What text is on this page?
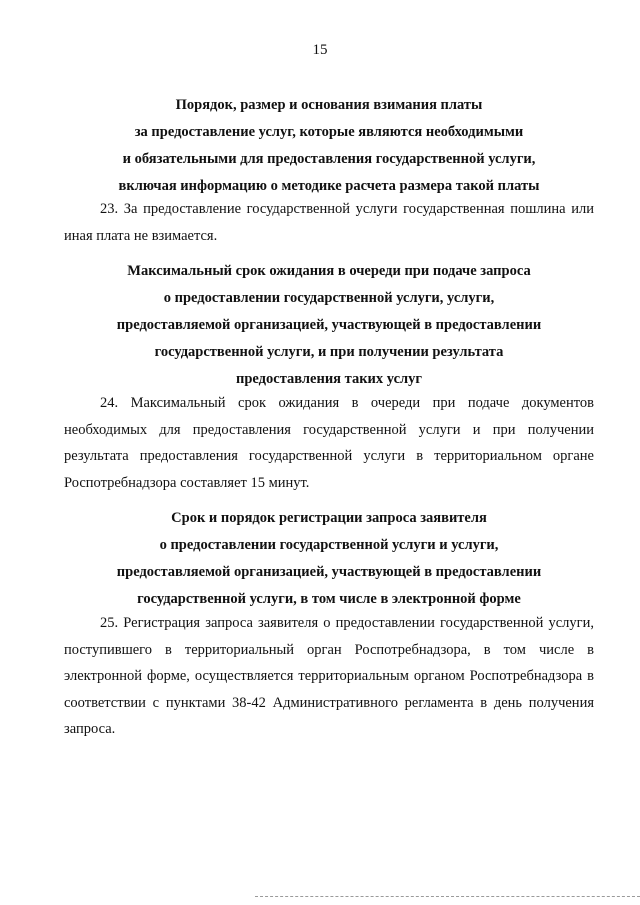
15
Порядок, размер и основания взимания платы
за предоставление услуг, которые являются необходимыми
и обязательными для предоставления государственной услуги,
включая информацию о методике расчета размера такой платы

23. За предоставление государственной услуги государственная пошлина или иная плата не взимается.

Максимальный срок ожидания в очереди при подаче запроса
о предоставлении государственной услуги, услуги,
предоставляемой организацией, участвующей в предоставлении
государственной услуги, и при получении результата
предоставления таких услуг

24. Максимальный срок ожидания в очереди при подаче документов необходимых для предоставления государственной услуги и при получении результата предоставления государственной услуги в территориальном органе Роспотребнадзора составляет 15 минут.

Срок и порядок регистрации запроса заявителя
о предоставлении государственной услуги и услуги,
предоставляемой организацией, участвующей в предоставлении
государственной услуги, в том числе в электронной форме

25. Регистрация запроса заявителя о предоставлении государственной услуги, поступившего в территориальный орган Роспотребнадзора, в том числе в электронной форме, осуществляется территориальным органом Роспотребнадзора в соответствии с пунктами 38-42 Административного регламента в день получения запроса.
